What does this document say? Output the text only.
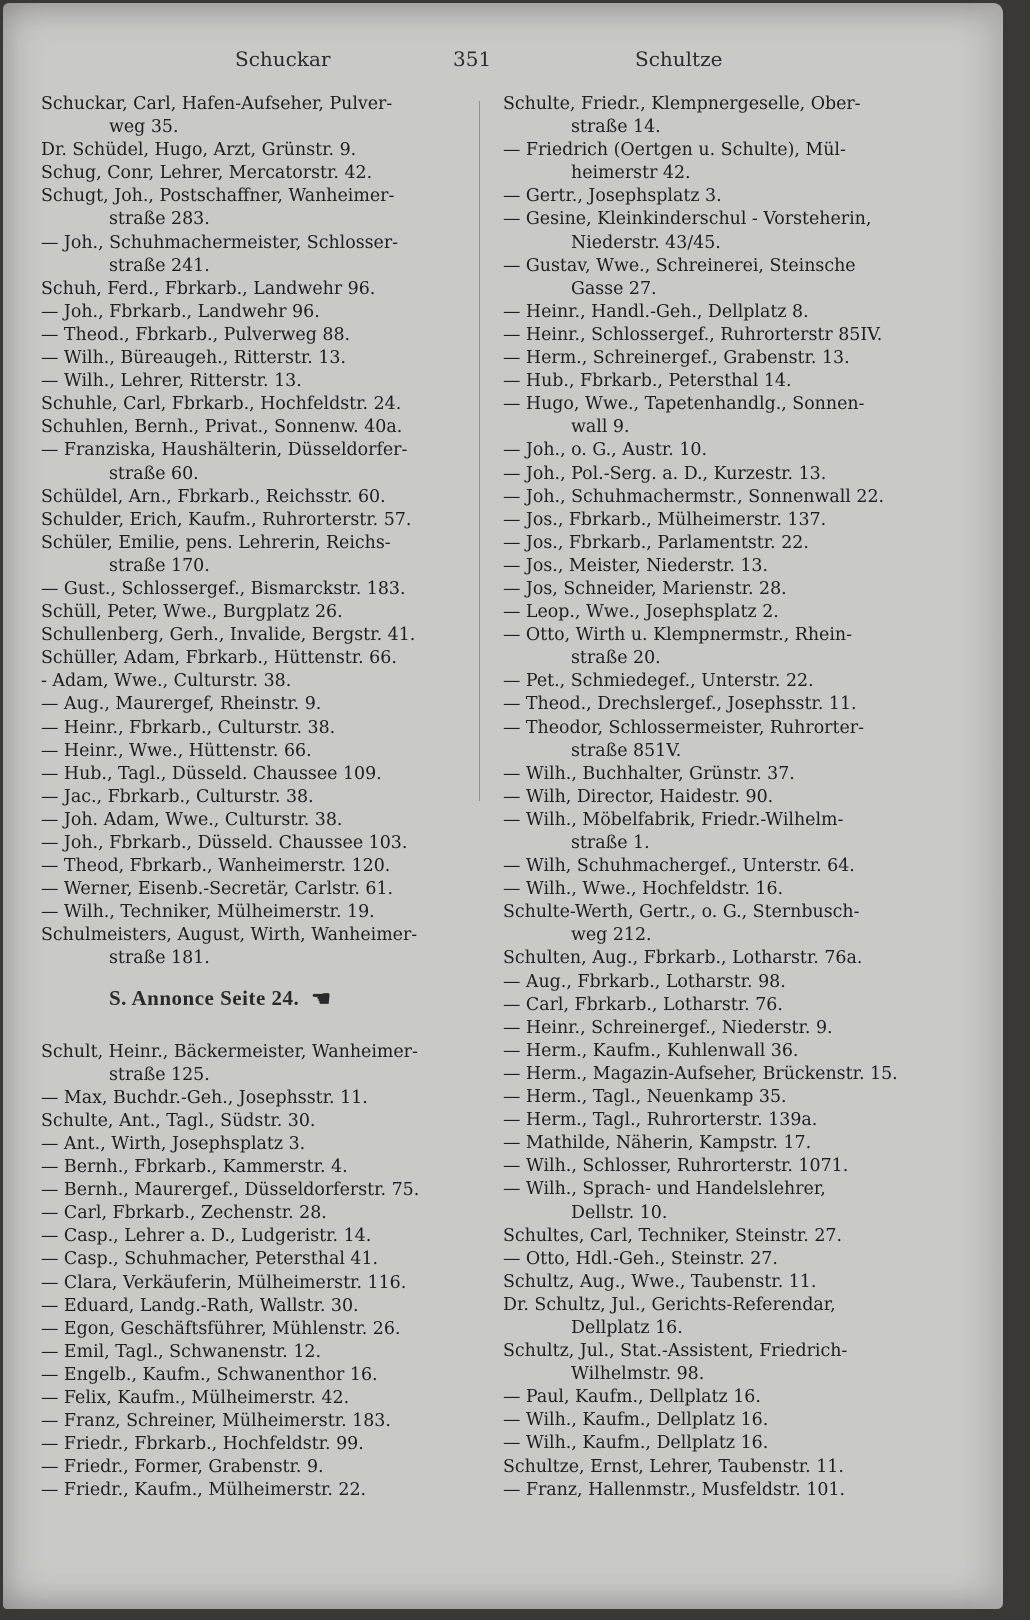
Schuckar	351	Schultze
Schuckar, Carl, Hafen-Aufseher, Pulver-
weg 35.
Dr. Schüdel, Hugo, Arzt, Grünstr. 9.
Schug, Conr, Lehrer, Mercatorstr. 42.
Schugt, Joh., Postschaffner, Wanheimer-
straße 283.
— Joh., Schuhmachermeister, Schlosser-
straße 241.
Schuh, Ferd., Fbrkarb., Landwehr 96.
— Joh., Fbrkarb., Landwehr 96.
— Theod., Fbrkarb., Pulverweg 88.
— Wilh., Büreaugeh., Ritterstr. 13.
— Wilh., Lehrer, Ritterstr. 13.
Schuhle, Carl, Fbrkarb., Hochfeldstr. 24.
Schuhlen, Bernh., Privat., Sonnenw. 40a.
— Franziska, Haushälterin, Düsseldorfer-
straße 60.
Schüldel, Arn., Fbrkarb., Reichsstr. 60.
Schulder, Erich, Kaufm., Ruhrorterstr. 57.
Schüler, Emilie, pens. Lehrerin, Reichs-
straße 170.
— Gust., Schlossergef., Bismarckstr. 183.
Schüll, Peter, Wwe., Burgplatz 26.
Schullenberg, Gerh., Invalide, Bergstr. 41.
Schüller, Adam, Fbrkarb., Hüttenstr. 66.
- Adam, Wwe., Culturstr. 38.
— Aug., Maurergef, Rheinstr. 9.
— Heinr., Fbrkarb., Culturstr. 38.
— Heinr., Wwe., Hüttenstr. 66.
— Hub., Tagl., Düsseld. Chaussee 109.
— Jac., Fbrkarb., Culturstr. 38.
— Joh. Adam, Wwe., Culturstr. 38.
— Joh., Fbrkarb., Düsseld. Chaussee 103.
— Theod, Fbrkarb., Wanheimerstr. 120.
— Werner, Eisenb.-Secretär, Carlstr. 61.
— Wilh., Techniker, Mülheimerstr. 19.
Schulmeisters, August, Wirth, Wanheimer-
straße 181.
S. Annonce Seite 24. ☚
Schult, Heinr., Bäckermeister, Wanheimer-
straße 125.
— Max, Buchdr.-Geh., Josephsstr. 11.
Schulte, Ant., Tagl., Südstr. 30.
— Ant., Wirth, Josephsplatz 3.
— Bernh., Fbrkarb., Kammerstr. 4.
— Bernh., Maurergef., Düsseldorferstr. 75.
— Carl, Fbrkarb., Zechenstr. 28.
— Casp., Lehrer a. D., Ludgeristr. 14.
— Casp., Schuhmacher, Petersthal 41.
— Clara, Verkäuferin, Mülheimerstr. 116.
— Eduard, Landg.-Rath, Wallstr. 30.
— Egon, Geschäftsführer, Mühlenstr. 26.
— Emil, Tagl., Schwanenstr. 12.
— Engelb., Kaufm., Schwanenthor 16.
— Felix, Kaufm., Mülheimerstr. 42.
— Franz, Schreiner, Mülheimerstr. 183.
— Friedr., Fbrkarb., Hochfeldstr. 99.
— Friedr., Former, Grabenstr. 9.
— Friedr., Kaufm., Mülheimerstr. 22.
Schulte, Friedr., Klempnergeselle, Ober-
straße 14.
— Friedrich (Oertgen u. Schulte), Mül-
heimerstr 42.
— Gertr., Josephsplatz 3.
— Gesine, Kleinkinderschul - Vorsteherin,
Niederstr. 43/45.
— Gustav, Wwe., Schreinerei, Steinsche
Gasse 27.
— Heinr., Handl.-Geh., Dellplatz 8.
— Heinr., Schlossergef., Ruhrorterstr 85IV.
— Herm., Schreinergef., Grabenstr. 13.
— Hub., Fbrkarb., Petersthal 14.
— Hugo, Wwe., Tapetenhandlg., Sonnen-
wall 9.
— Joh., o. G., Austr. 10.
— Joh., Pol.-Serg. a. D., Kurzestr. 13.
— Joh., Schuhmachermstr., Sonnenwall 22.
— Jos., Fbrkarb., Mülheimerstr. 137.
— Jos., Fbrkarb., Parlamentstr. 22.
— Jos., Meister, Niederstr. 13.
— Jos, Schneider, Marienstr. 28.
— Leop., Wwe., Josephsplatz 2.
— Otto, Wirth u. Klempnermstr., Rhein-
straße 20.
— Pet., Schmiedegef., Unterstr. 22.
— Theod., Drechslergef., Josephsstr. 11.
— Theodor, Schlossermeister, Ruhrorter-
straße 851V.
— Wilh., Buchhalter, Grünstr. 37.
— Wilh, Director, Haidestr. 90.
— Wilh., Möbelfabrik, Friedr.-Wilhelm-
straße 1.
— Wilh, Schuhmachergef., Unterstr. 64.
— Wilh., Wwe., Hochfeldstr. 16.
Schulte-Werth, Gertr., o. G., Sternbusch-
weg 212.
Schulten, Aug., Fbrkarb., Lotharstr. 76a.
— Aug., Fbrkarb., Lotharstr. 98.
— Carl, Fbrkarb., Lotharstr. 76.
— Heinr., Schreinergef., Niederstr. 9.
— Herm., Kaufm., Kuhlenwall 36.
— Herm., Magazin-Aufseher, Brückenstr. 15.
— Herm., Tagl., Neuenkamp 35.
— Herm., Tagl., Ruhrorterstr. 139a.
— Mathilde, Näherin, Kampstr. 17.
— Wilh., Schlosser, Ruhrorterstr. 1071.
— Wilh., Sprach- und Handelslehrer,
Dellstr. 10.
Schultes, Carl, Techniker, Steinstr. 27.
— Otto, Hdl.-Geh., Steinstr. 27.
Schultz, Aug., Wwe., Taubenstr. 11.
Dr. Schultz, Jul., Gerichts-Referendar,
Dellplatz 16.
Schultz, Jul., Stat.-Assistent, Friedrich-
Wilhelmstr. 98.
— Paul, Kaufm., Dellplatz 16.
— Wilh., Kaufm., Dellplatz 16.
— Wilh., Kaufm., Dellplatz 16.
Schultze, Ernst, Lehrer, Taubenstr. 11.
— Franz, Hallenmstr., Musfeldstr. 101.
